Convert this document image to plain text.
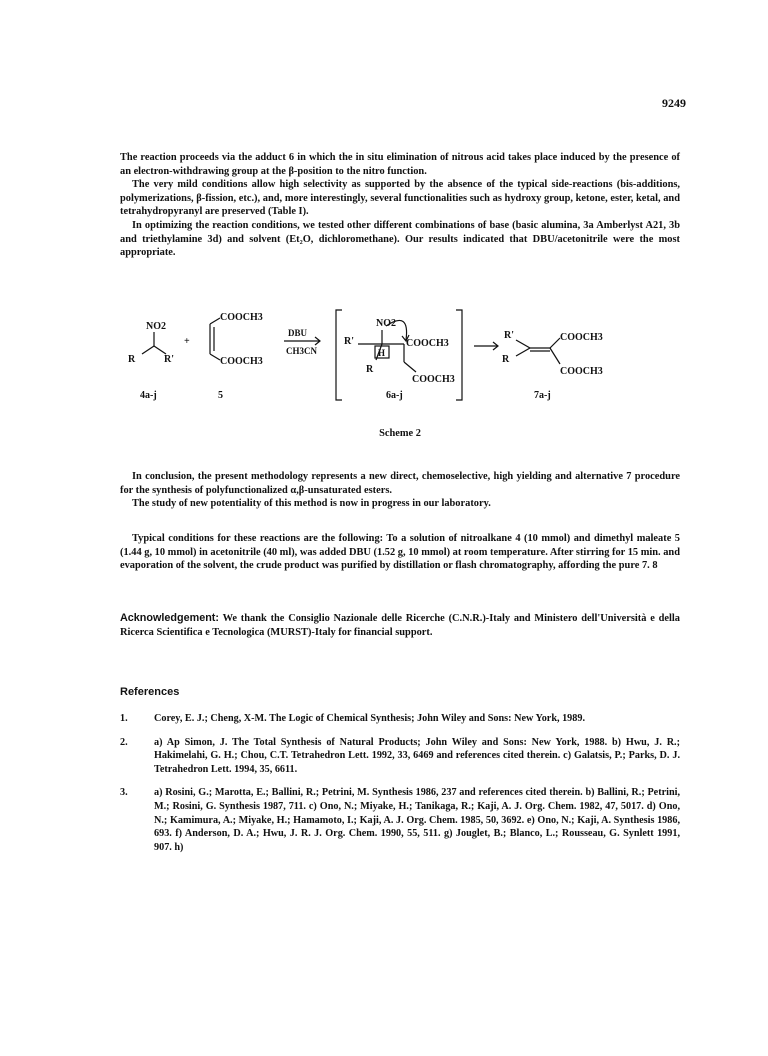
9249

The reaction proceeds via the adduct 6 in which the in situ elimination of nitrous acid takes place induced by the presence of an electron-withdrawing group at the β-position to the nitro function.

The very mild conditions allow high selectivity as supported by the absence of the typical side-reactions (bis-additions, polymerizations, β-fission, etc.), and, more interestingly, several functionalities such as hydroxy group, ketone, ester, ketal, and tetrahydropyranyl are preserved (Table I).

In optimizing the reaction conditions, we tested other different combinations of base (basic alumina, 3a Amberlyst A21, 3b and triethylamine 3d) and solvent (Et₂O, dichloromethane). Our results indicated that DBU/acetonitrile were the most appropriate.

NO2
R	R'
+
COOCH3
COOCH3
DBU
CH3CN
R'
NO2
R
H
COOCH3
COOCH3
R'
R
COOCH3
COOCH3
4a-j	5	6a-j	7a-j
Scheme 2

In conclusion, the present methodology represents a new direct, chemoselective, high yielding and alternative 7 procedure for the synthesis of polyfunctionalized α,β-unsaturated esters.

The study of new potentiality of this method is now in progress in our laboratory.

Typical conditions for these reactions are the following: To a solution of nitroalkane 4 (10 mmol) and dimethyl maleate 5 (1.44 g, 10 mmol) in acetonitrile (40 ml), was added DBU (1.52 g, 10 mmol) at room temperature. After stirring for 15 min. and evaporation of the solvent, the crude product was purified by distillation or flash chromatography, affording the pure 7. 8

Acknowledgement: We thank the Consiglio Nazionale delle Ricerche (C.N.R.)-Italy and Ministero dell'Università e della Ricerca Scientifica e Tecnologica (MURST)-Italy for financial support.
References
1.	Corey, E. J.; Cheng, X-M. The Logic of Chemical Synthesis; John Wiley and Sons: New York, 1989.
2.	a) Ap Simon, J. The Total Synthesis of Natural Products; John Wiley and Sons: New York, 1988. b) Hwu, J. R.; Hakimelahi, G. H.; Chou, C.T. Tetrahedron Lett. 1992, 33, 6469 and references cited therein. c) Galatsis, P.; Parks, D. J. Tetrahedron Lett. 1994, 35, 6611.
3.	a) Rosini, G.; Marotta, E.; Ballini, R.; Petrini, M. Synthesis 1986, 237 and references cited therein. b) Ballini, R.; Petrini, M.; Rosini, G. Synthesis 1987, 711. c) Ono, N.; Miyake, H.; Tanikaga, R.; Kaji, A. J. Org. Chem. 1982, 47, 5017. d) Ono, N.; Kamimura, A.; Miyake, H.; Hamamoto, I.; Kaji, A. J. Org. Chem. 1985, 50, 3692. e) Ono, N.; Kaji, A. Synthesis 1986, 693. f) Anderson, D. A.; Hwu, J. R. J. Org. Chem. 1990, 55, 511. g) Jouglet, B.; Blanco, L.; Rousseau, G. Synlett 1991, 907. h)
